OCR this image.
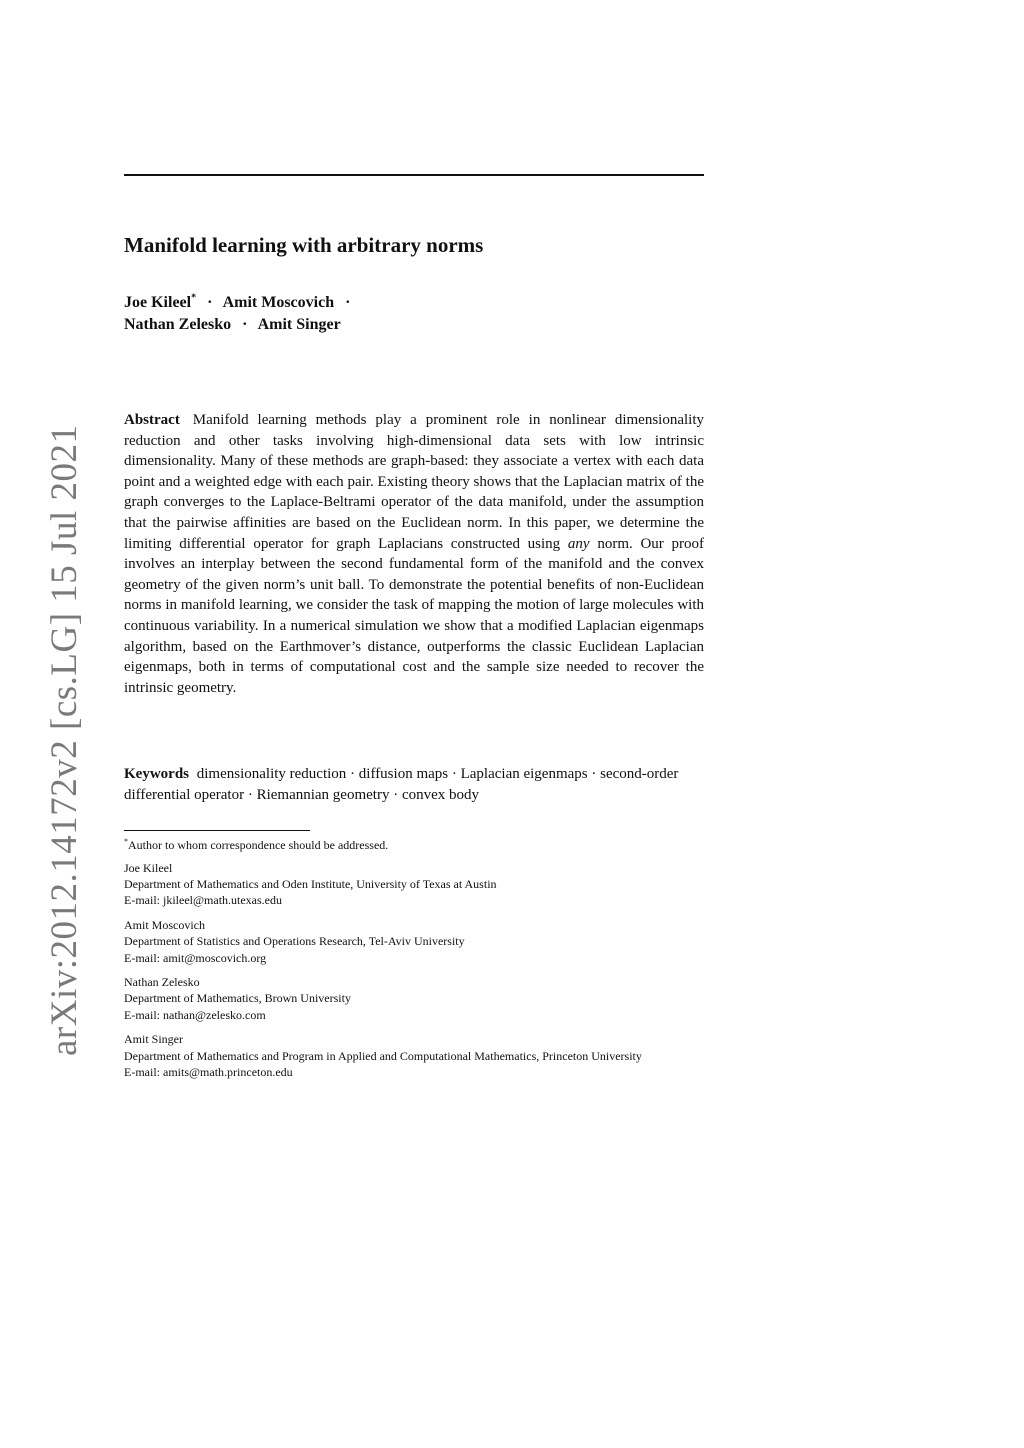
arXiv:2012.14172v2 [cs.LG] 15 Jul 2021
Manifold learning with arbitrary norms
Joe Kileel* · Amit Moscovich ·
Nathan Zelesko · Amit Singer

Abstract Manifold learning methods play a prominent role in nonlinear dimensionality reduction and other tasks involving high-dimensional data sets with low intrinsic dimensionality. Many of these methods are graph-based: they associate a vertex with each data point and a weighted edge with each pair. Existing theory shows that the Laplacian matrix of the graph converges to the Laplace-Beltrami operator of the data manifold, under the assumption that the pairwise affinities are based on the Euclidean norm. In this paper, we determine the limiting differential operator for graph Laplacians constructed using any norm. Our proof involves an interplay between the second fundamental form of the manifold and the convex geometry of the given norm’s unit ball. To demonstrate the potential benefits of non-Euclidean norms in manifold learning, we consider the task of mapping the motion of large molecules with continuous variability. In a numerical simulation we show that a modified Laplacian eigenmaps algorithm, based on the Earthmover’s distance, outperforms the classic Euclidean Laplacian eigenmaps, both in terms of computational cost and the sample size needed to recover the intrinsic geometry.

Keywords dimensionality reduction · diffusion maps · Laplacian eigenmaps · second-order differential operator · Riemannian geometry · convex body

*Author to whom correspondence should be addressed.
Joe Kileel
Department of Mathematics and Oden Institute, University of Texas at Austin
E-mail: jkileel@math.utexas.edu
Amit Moscovich
Department of Statistics and Operations Research, Tel-Aviv University
E-mail: amit@moscovich.org
Nathan Zelesko
Department of Mathematics, Brown University
E-mail: nathan@zelesko.com
Amit Singer
Department of Mathematics and Program in Applied and Computational Mathematics, Princeton University
E-mail: amits@math.princeton.edu
